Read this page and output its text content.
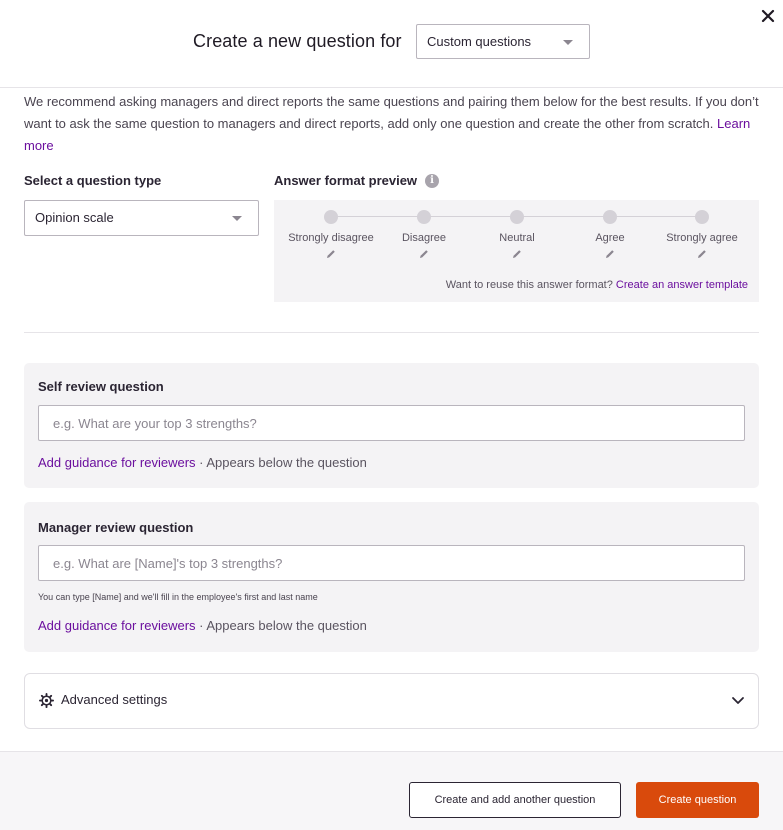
Create a new question for Custom questions
We recommend asking managers and direct reports the same questions and pairing them below for the best results. If you don’t want to ask the same question to managers and direct reports, add only one question and create the other from scratch. Learn more
Select a question type
Opinion scale
Answer format preview	i
Strongly disagree	Disagree	Neutral	Agree	Strongly agree
Want to reuse this answer format? Create an answer template
Self review question
e.g. What are your top 3 strengths?
Add guidance for reviewers · Appears below the question
Manager review question
e.g. What are [Name]'s top 3 strengths?
You can type [Name] and we'll fill in the employee's first and last name
Add guidance for reviewers · Appears below the question
Advanced settings
Create and add another question	Create question
